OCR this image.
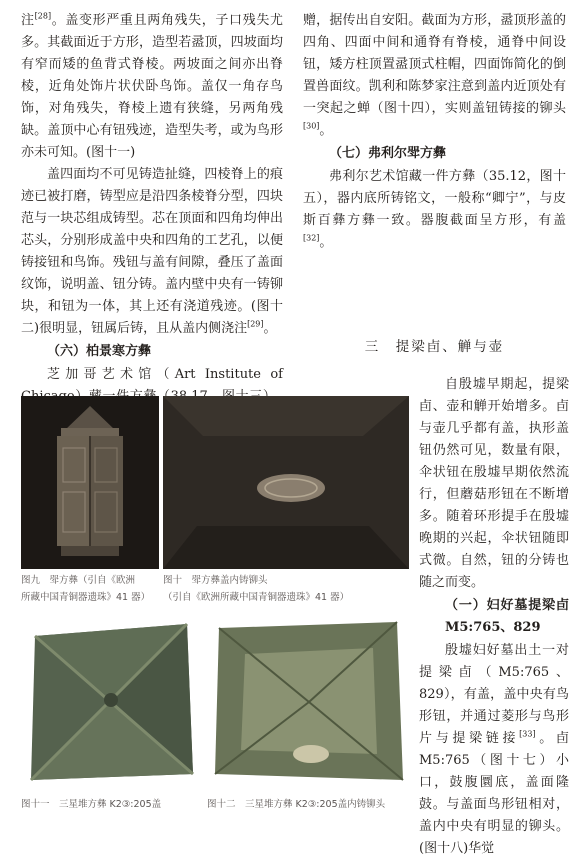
注[28]。盖变形严重且两角残失，子口残失尤多。其截面近于方形，造型若盝顶，四坡面均有窄而矮的鱼背式脊棱。两坡面之间亦出脊棱，近角处饰片状伏卧鸟饰。盖仅一角存鸟饰，对角残失，脊棱上遗有狭缝，另两角残缺。盖顶中心有钮残迹，造型失考，或为鸟形亦未可知。(图十一)

盖四面均不可见铸造扯缝，四棱脊上的痕迹已被打磨，铸型应是沿四条棱脊分型，四块范与一块芯组成铸型。芯在顶面和四角均伸出芯头，分别形成盖中央和四角的工艺孔，以便铸接钮和鸟饰。残钮与盖有间隙，叠压了盖面纹饰，说明盖、钮分铸。盖内壁中央有一铸铆块，和钮为一体，其上还有浇道残迹。(图十二)很明显，钮属后铸，且从盖内侧浇注[29]。

（六）柏景寒方彝

芝加哥艺术馆（Art Institute of

赠，据传出自安阳。截面为方形，盝顶形盖的四角、四面中间和通脊有脊棱，通脊中间设钮，矮方柱顶置盝顶式柱帽，四面饰简化的倒置兽面纹。凯利和陈梦家注意到盖内近顶处有一突起之蝉（图十四），实则盖钮铸接的铆头[30]。

（七）弗利尔斝方彝

弗利尔艺术馆藏一件方彝（35.12，图十五），器内底所铸铭文，一般称“卿宁”，与皮斯百彝方彝一致。器腹截面呈方形，有盖[32]。

三　提梁卣、觯与壶

自殷墟早期起，提梁卣、壶和觯开始增多。卣与壶几乎都有盖，执形盖钮仍然可见，数量有限，伞状钮在殷墟早期依然流行，但蘑菇形钮在不断增多。随着环形提手在殷墟晚期的兴起，伞状钮随即式微。自然，钮的分铸也随之而变。

（一）妇好墓提梁卣 M5:765、829

殷墟妇好墓出土一对提梁卣（M5:765、829），有盖，盖中央有鸟形钮，并通过菱形与鸟形片与提梁链接[33]。卣 M5:765（图十七）小口，鼓腹圜底，盖面隆鼓。与盖面鸟形钮相对，盖内中央有明显的铆头。(图十八)华觉

图九　斝方彝（引自《欧洲
所藏中国青铜器遗珠》41 器）
图十　斝方彝盖内铸铆头
（引自《欧洲所藏中国青铜器遗珠》41 器）
图十一　三星堆方彝 K2③:205盖	图十二　三星堆方彝 K2③:205盖内铸铆头
